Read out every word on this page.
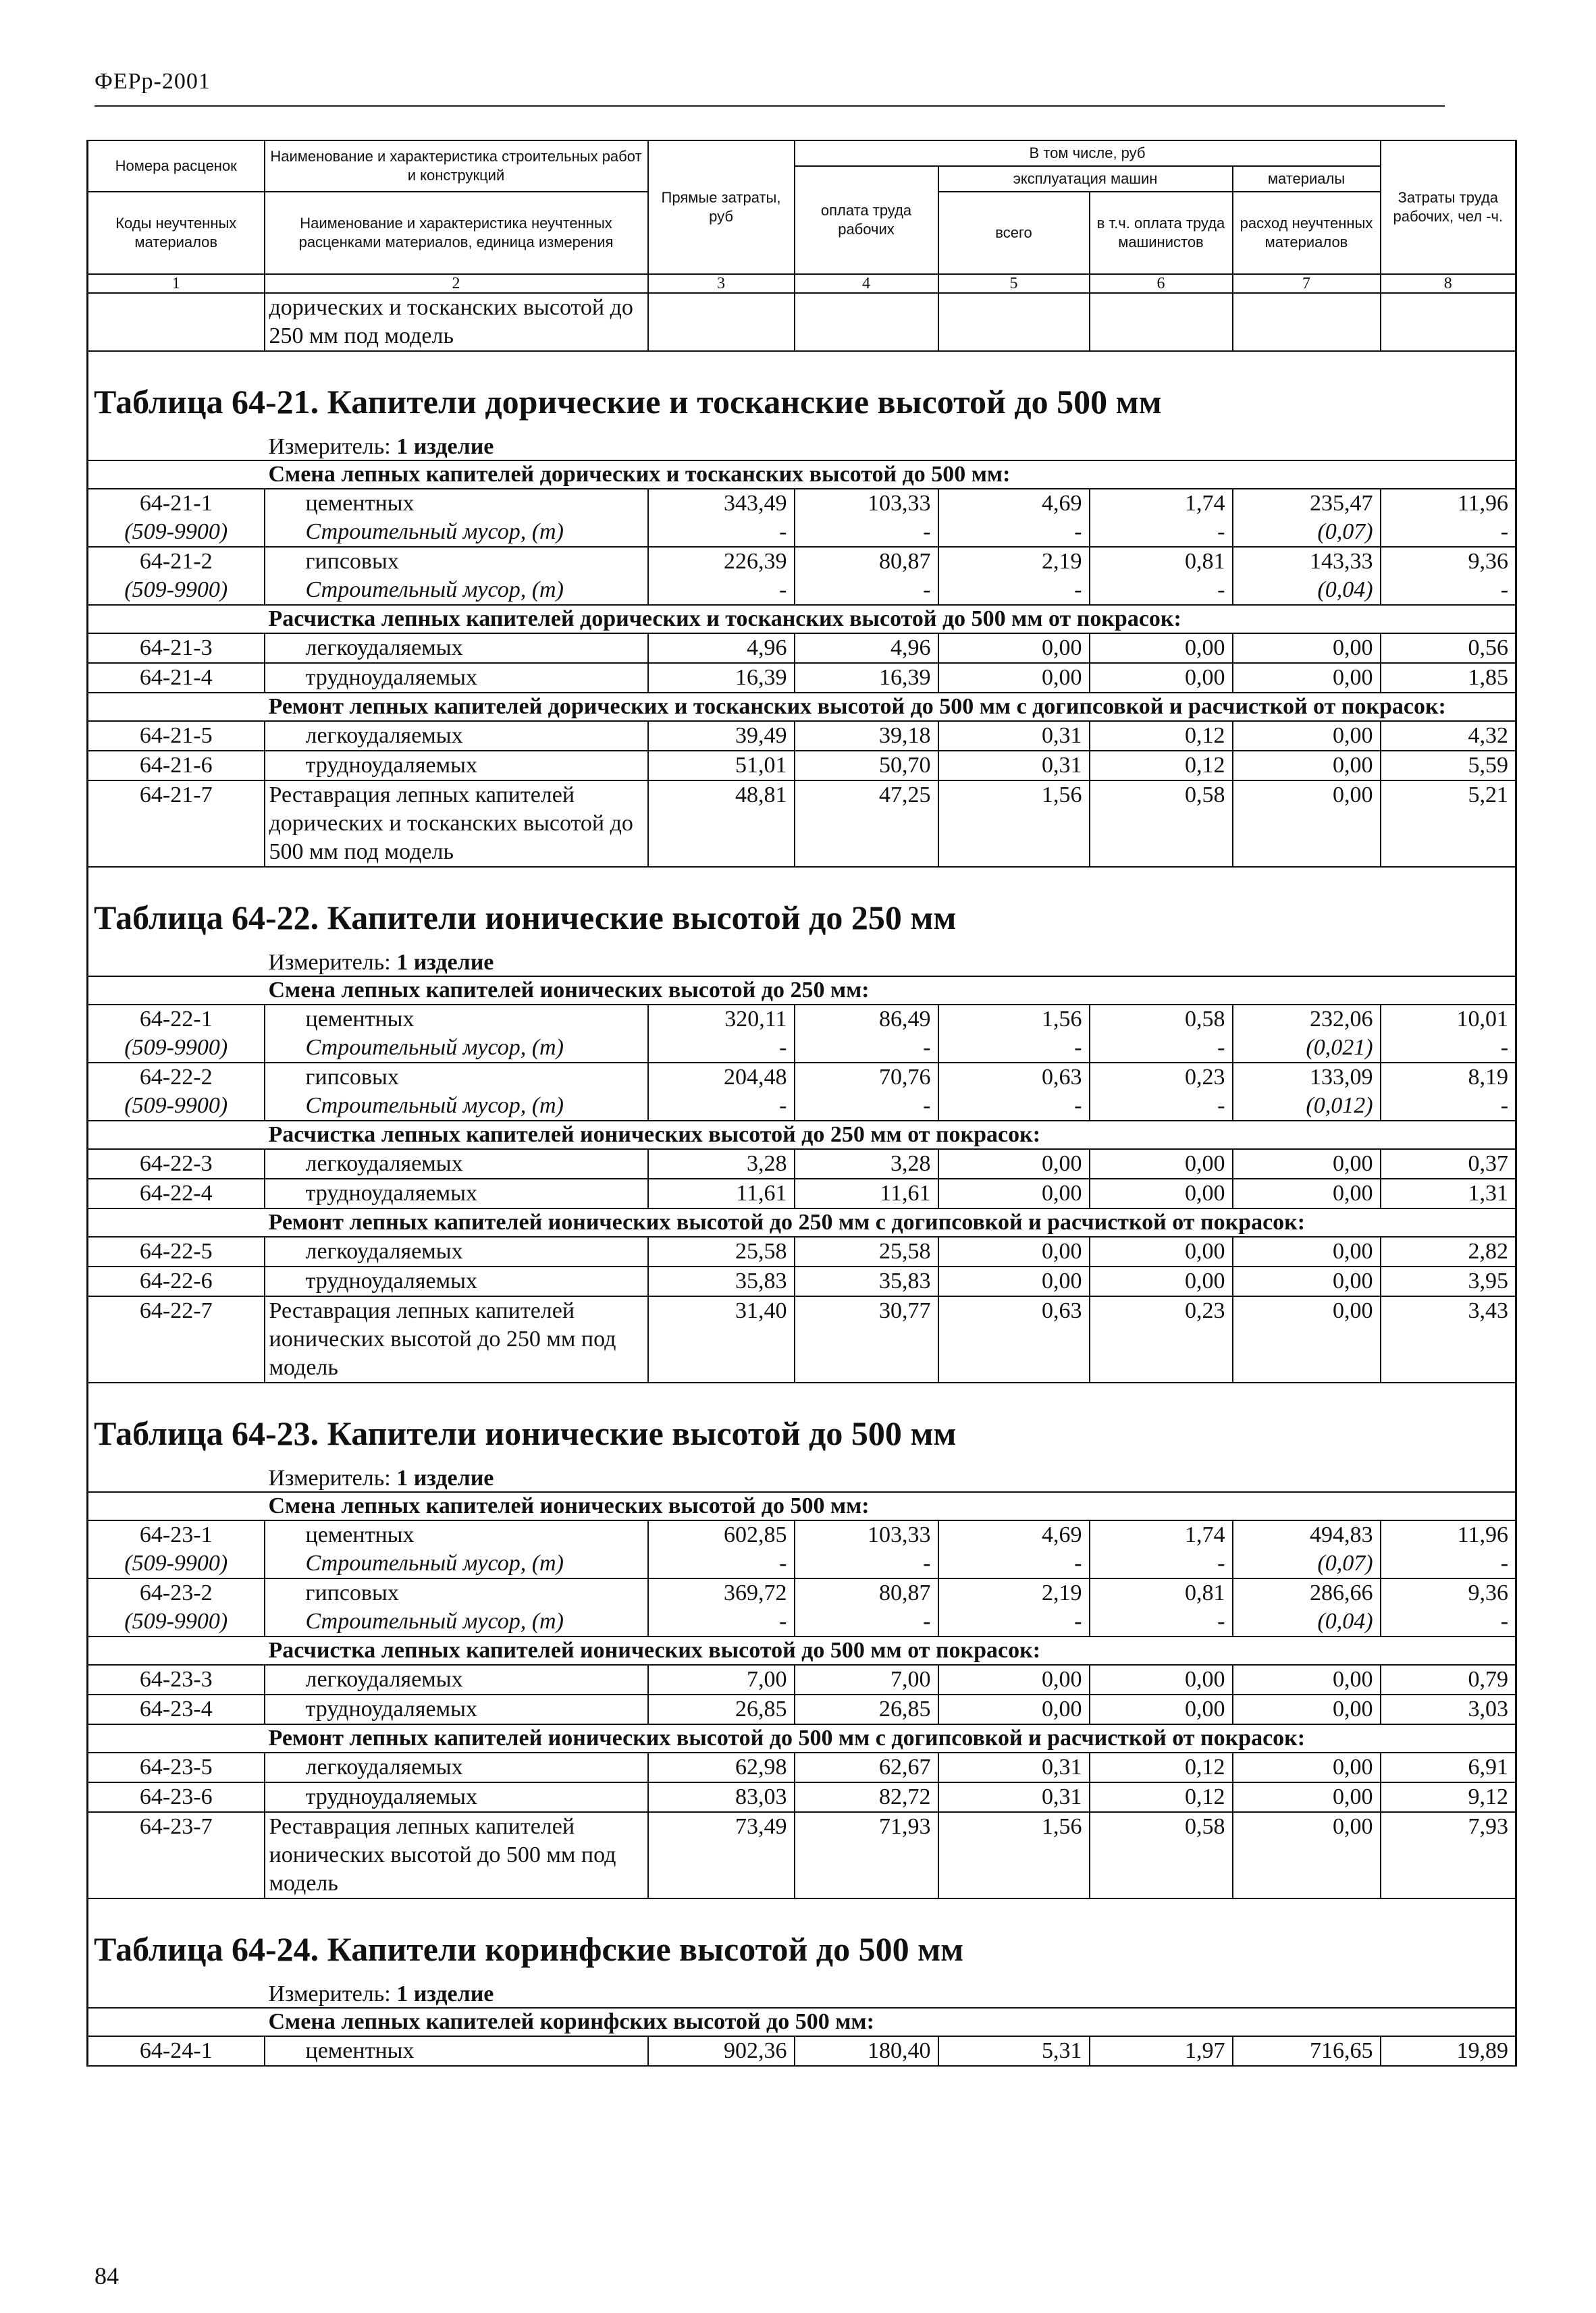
ФЕРр-2001
Номера расценок	Наименование и характеристика строительных работ и конструкций	Прямые затраты, руб	В том числе, руб				Затраты труда рабочих, чел -ч.
			оплата труда рабочих	эксплуатация машин		материалы	
Коды неучтенных материалов	Наименование и характеристика неучтенных расценками материалов, единица измерения			всего	в т.ч. оплата труда машинистов	расход неучтенных материалов	

1	2	3	4	5	6	7	8
	дорических и тосканских высотой до 250 мм под модель						
Таблица 64-21. Капители дорические и тосканские высотой до 500 мм							
	Измеритель: 1 изделие						
	Смена лепных капителей дорических и тосканских высотой до 500 мм:						
64-21-1	цементных	343,49	103,33	4,69	1,74	235,47	11,96
(509-9900)	Строительный мусор, (т)	-	-	-	-	(0,07)	-
64-21-2	гипсовых	226,39	80,87	2,19	0,81	143,33	9,36
(509-9900)	Строительный мусор, (т)	-	-	-	-	(0,04)	-
	Расчистка лепных капителей дорических и тосканских высотой до 500 мм от покрасок:						
64-21-3	легкоудаляемых	4,96	4,96	0,00	0,00	0,00	0,56
64-21-4	трудноудаляемых	16,39	16,39	0,00	0,00	0,00	1,85
	Ремонт лепных капителей дорических и тосканских высотой до 500 мм с догипсовкой и расчисткой от покрасок:						
64-21-5	легкоудаляемых	39,49	39,18	0,31	0,12	0,00	4,32
64-21-6	трудноудаляемых	51,01	50,70	0,31	0,12	0,00	5,59
64-21-7	Реставрация лепных капителей дорических и тосканских высотой до 500 мм под модель	48,81	47,25	1,56	0,58	0,00	5,21
Таблица 64-22. Капители ионические высотой до 250 мм							
	Измеритель: 1 изделие						
	Смена лепных капителей ионических высотой до 250 мм:						
64-22-1	цементных	320,11	86,49	1,56	0,58	232,06	10,01
(509-9900)	Строительный мусор, (т)	-	-	-	-	(0,021)	-
64-22-2	гипсовых	204,48	70,76	0,63	0,23	133,09	8,19
(509-9900)	Строительный мусор, (т)	-	-	-	-	(0,012)	-
	Расчистка лепных капителей ионических высотой до 250 мм от покрасок:						
64-22-3	легкоудаляемых	3,28	3,28	0,00	0,00	0,00	0,37
64-22-4	трудноудаляемых	11,61	11,61	0,00	0,00	0,00	1,31
	Ремонт лепных капителей ионических высотой до 250 мм с догипсовкой и расчисткой от покрасок:						
64-22-5	легкоудаляемых	25,58	25,58	0,00	0,00	0,00	2,82
64-22-6	трудноудаляемых	35,83	35,83	0,00	0,00	0,00	3,95
64-22-7	Реставрация лепных капителей ионических высотой до 250 мм под модель	31,40	30,77	0,63	0,23	0,00	3,43
Таблица 64-23. Капители ионические высотой до 500 мм							
	Измеритель: 1 изделие						
	Смена лепных капителей ионических высотой до 500 мм:						
64-23-1	цементных	602,85	103,33	4,69	1,74	494,83	11,96
(509-9900)	Строительный мусор, (т)	-	-	-	-	(0,07)	-
64-23-2	гипсовых	369,72	80,87	2,19	0,81	286,66	9,36
(509-9900)	Строительный мусор, (т)	-	-	-	-	(0,04)	-
	Расчистка лепных капителей ионических высотой до 500 мм от покрасок:						
64-23-3	легкоудаляемых	7,00	7,00	0,00	0,00	0,00	0,79
64-23-4	трудноудаляемых	26,85	26,85	0,00	0,00	0,00	3,03
	Ремонт лепных капителей ионических высотой до 500 мм с догипсовкой и расчисткой от покрасок:						
64-23-5	легкоудаляемых	62,98	62,67	0,31	0,12	0,00	6,91
64-23-6	трудноудаляемых	83,03	82,72	0,31	0,12	0,00	9,12
64-23-7	Реставрация лепных капителей ионических высотой до 500 мм под модель	73,49	71,93	1,56	0,58	0,00	7,93
Таблица 64-24. Капители коринфские высотой до 500 мм							
	Измеритель: 1 изделие						
	Смена лепных капителей коринфских высотой до 500 мм:						
64-24-1	цементных	902,36	180,40	5,31	1,97	716,65	19,89
84
